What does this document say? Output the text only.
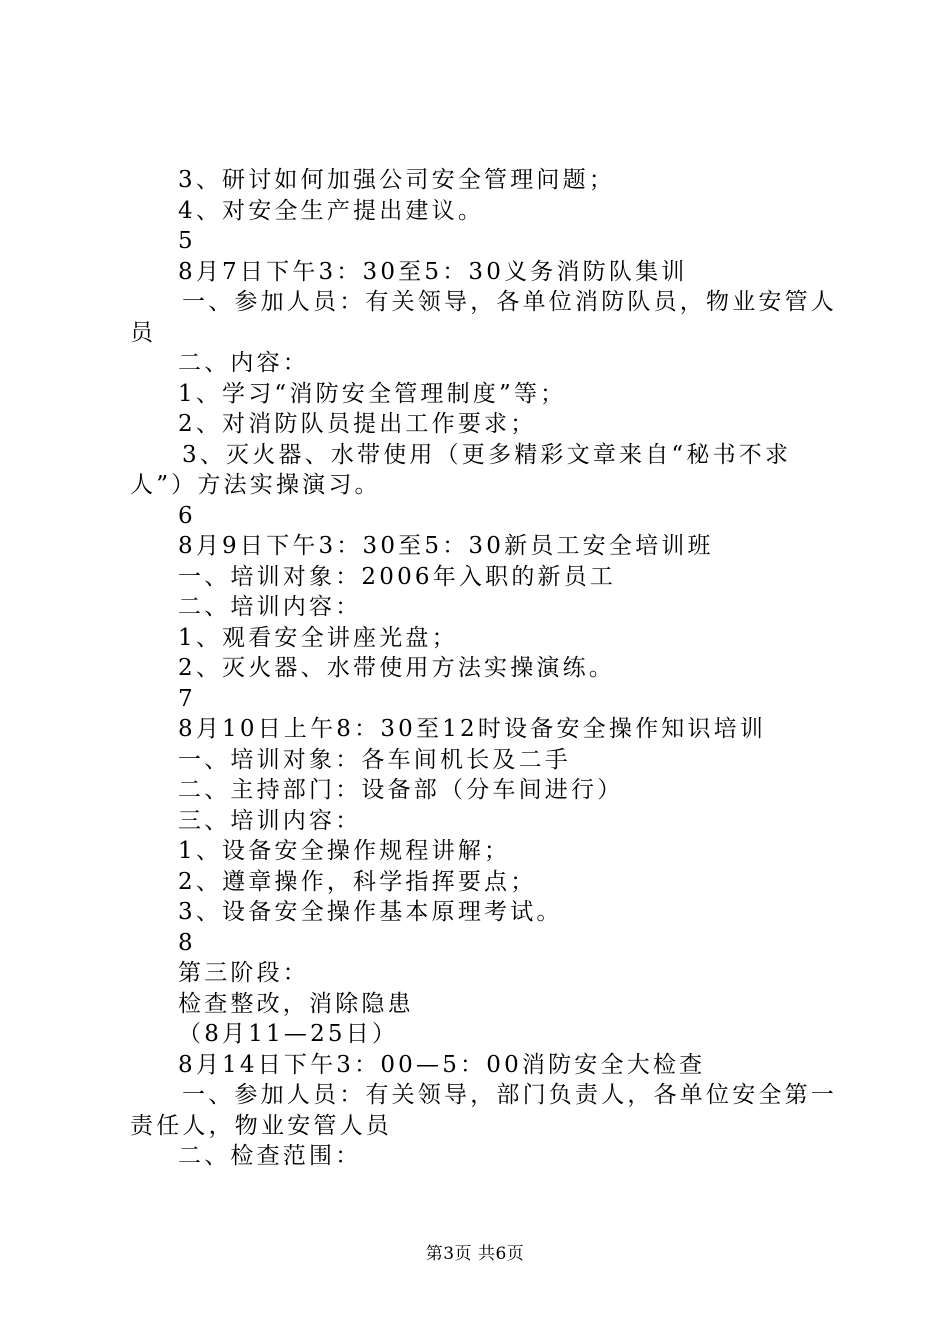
3、研讨如何加强公司安全管理问题；
4、对安全生产提出建议。
5
8月7日下午3：30至5：30义务消防队集训
一、参加人员：有关领导，各单位消防队员，物业安管人
员
二、内容：
1、学习“消防安全管理制度”等；
2、对消防队员提出工作要求；
3、灭火器、水带使用（更多精彩文章来自“秘书不求
人”）方法实操演习。
6
8月9日下午3：30至5：30新员工安全培训班
一、培训对象：2006年入职的新员工
二、培训内容：
1、观看安全讲座光盘；
2、灭火器、水带使用方法实操演练。
7
8月10日上午8：30至12时设备安全操作知识培训
一、培训对象：各车间机长及二手
二、主持部门：设备部（分车间进行）
三、培训内容：
1、设备安全操作规程讲解；
2、遵章操作，科学指挥要点；
3、设备安全操作基本原理考试。
8
第三阶段：
检查整改，消除隐患
（8月11—25日）
8月14日下午3：00—5：00消防安全大检查
一、参加人员：有关领导，部门负责人，各单位安全第一
责任人，物业安管人员
二、检查范围：
第3页 共6页
